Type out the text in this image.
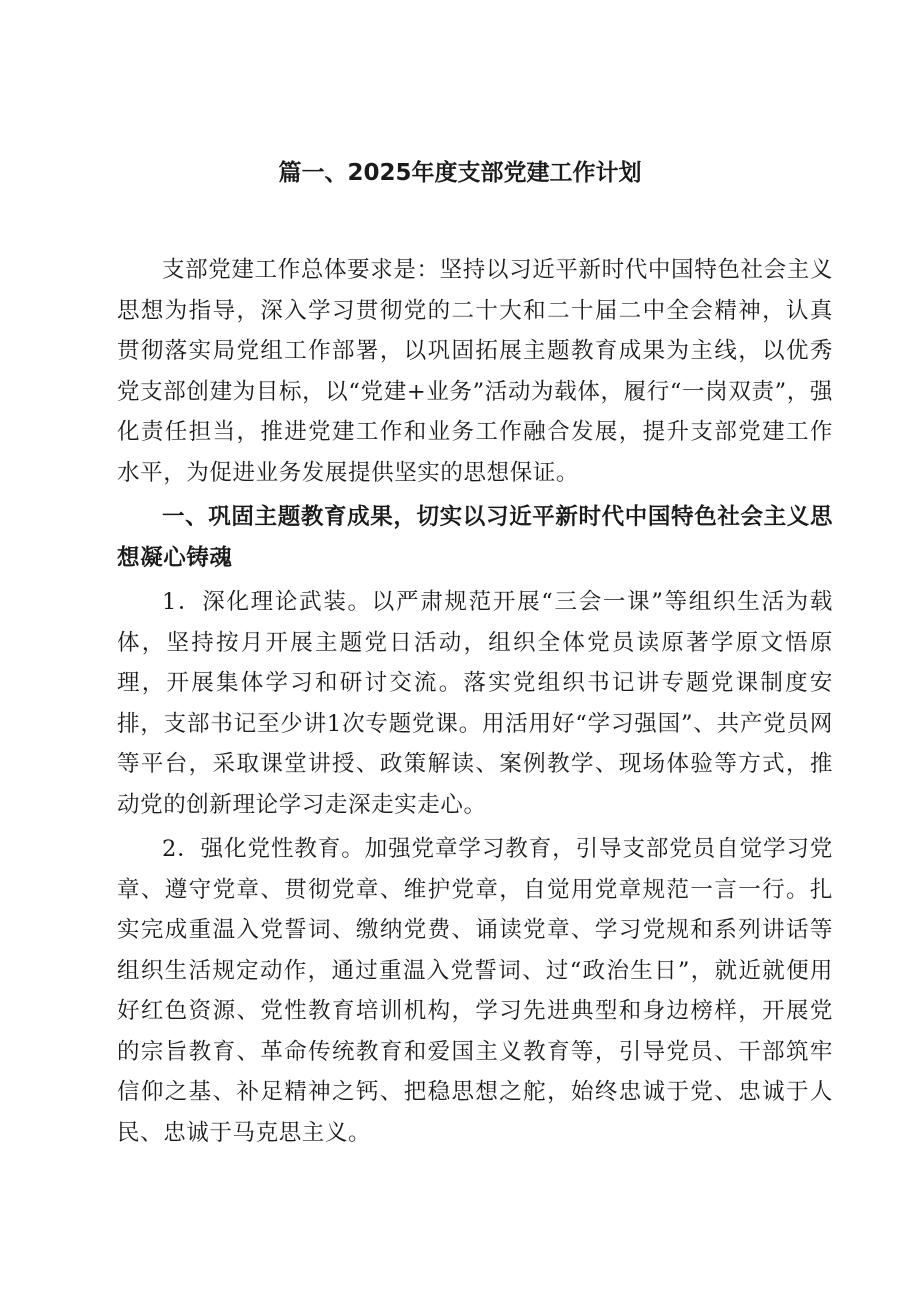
篇一、2025年度支部党建工作计划

支部党建工作总体要求是：坚持以习近平新时代中国特色社会主义思想为指导，深入学习贯彻党的二十大和二十届二中全会精神，认真贯彻落实局党组工作部署，以巩固拓展主题教育成果为主线，以优秀党支部创建为目标，以“党建+业务”活动为载体，履行“一岗双责”，强化责任担当，推进党建工作和业务工作融合发展，提升支部党建工作水平，为促进业务发展提供坚实的思想保证。

一、巩固主题教育成果，切实以习近平新时代中国特色社会主义思想凝心铸魂

1．深化理论武装。以严肃规范开展“三会一课”等组织生活为载体，坚持按月开展主题党日活动，组织全体党员读原著学原文悟原理，开展集体学习和研讨交流。落实党组织书记讲专题党课制度安排，支部书记至少讲1次专题党课。用活用好“学习强国”、共产党员网等平台，采取课堂讲授、政策解读、案例教学、现场体验等方式，推动党的创新理论学习走深走实走心。

2．强化党性教育。加强党章学习教育，引导支部党员自觉学习党章、遵守党章、贯彻党章、维护党章，自觉用党章规范一言一行。扎实完成重温入党誓词、缴纳党费、诵读党章、学习党规和系列讲话等组织生活规定动作，通过重温入党誓词、过“政治生日”，就近就便用好红色资源、党性教育培训机构，学习先进典型和身边榜样，开展党的宗旨教育、革命传统教育和爱国主义教育等，引导党员、干部筑牢信仰之基、补足精神之钙、把稳思想之舵，始终忠诚于党、忠诚于人民、忠诚于马克思主义。
